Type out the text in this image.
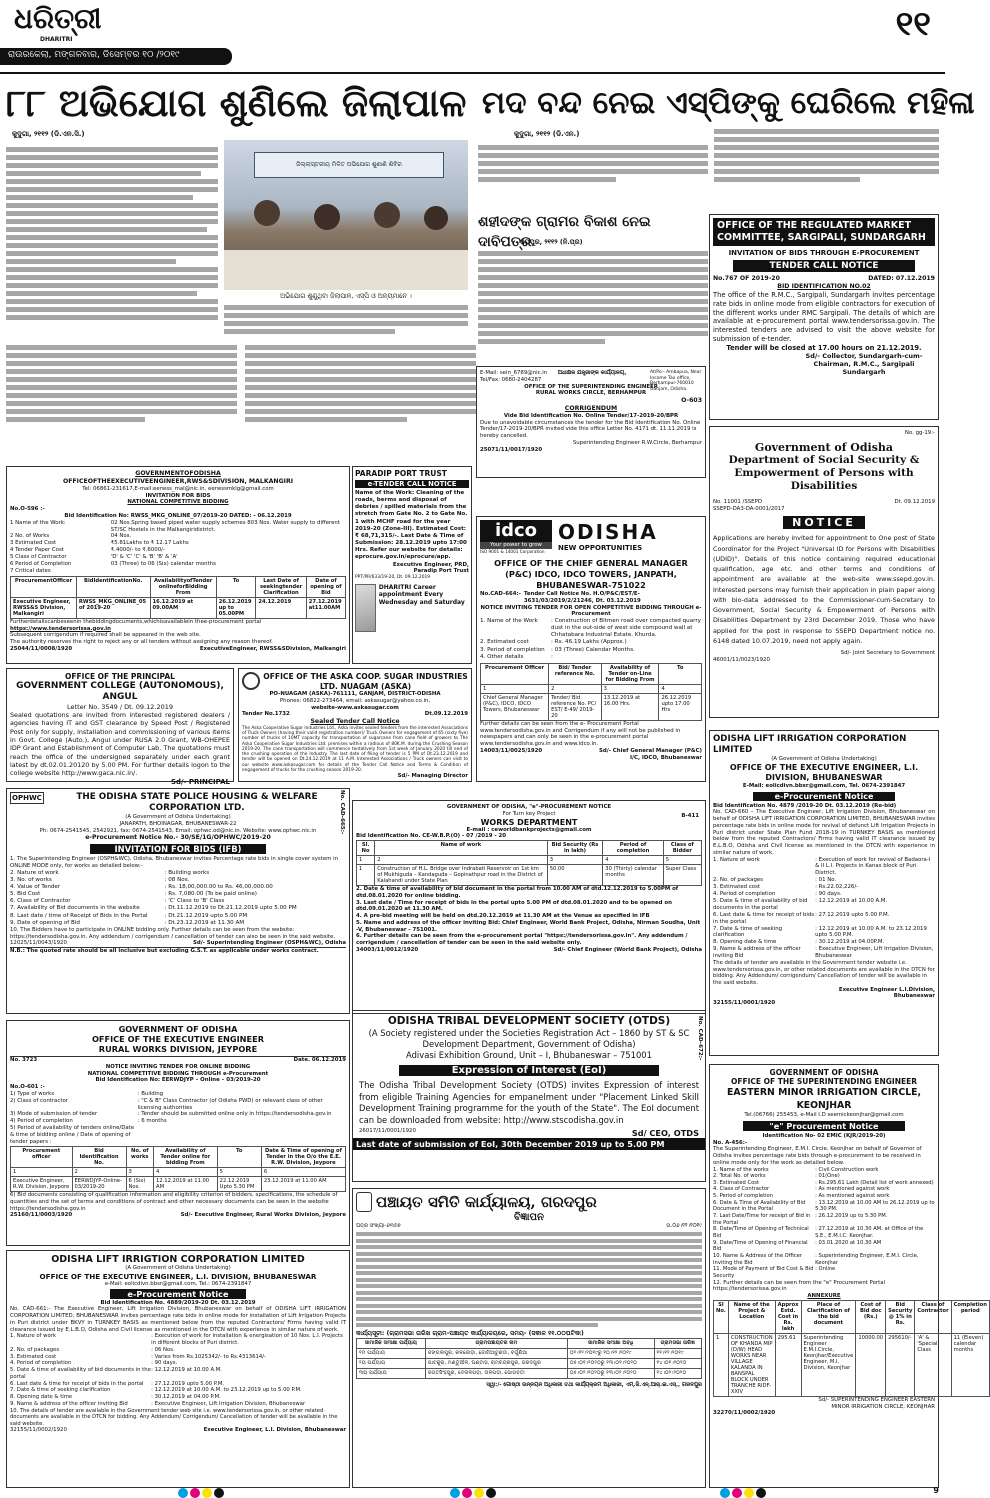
ଧରିତ୍ରୀ
DHARITRI
ରାଉରକେଲା, ମଙ୍ଗଳବାର, ଡିସେମ୍ବର ୧୦ /୨୦୧୯
୧୧
୮୮ ଅଭିଯୋଗ ଶୁଣିଲେ ଜିଲାପାଳ
କୁଦୁଗା, ୨୧୧୨ (ଡି.ଏନ.ସି.)
ଜିଲ୍ଲାସ୍ତରୀୟ ମିଳିତ ଅଭିଯୋଗ ଶୁଣାଣି ଶିବିର
ଅଭିଯୋଗ ଶୁଣୁଥିବା ଜିଲାପାଳ, ଏସ୍‌ପି ଓ ଅନ୍ୟମାନେ ।
ମଦ ବନ୍ଦ ନେଇ ଏସ୍‌ପିଙ୍କୁ ଘେରିଲେ ମହିଳା
କୁଦୁଗା, ୨୧୧୨ (ଡି.ଏନ.)
ଶହୀଦଙ୍କ ଗ୍ରାମର ବିକାଶ ନେଇ ଦାବିପତ୍ର
ଜୟପୁର, ୨୧୧୨ (ନି.ପ୍ର)
E-Mail: sein_6789@nic.in
Tel/Fax: 0680-2404287
ଅଧୀକ୍ଷକ ଯନ୍ତ୍ରୀଙ୍କ କାର୍ଯ୍ୟାଳୟ,
OFFICE OF THE SUPERINTENDING ENGINEER
RURAL WORKS CIRCLE, BERHAMPUR
At/Po:- Ambapua, Near Income Tax office, Berhampur-760010 Ganjam, Odisha.
O-603
CORRIGENDUM
Vide Bid Identification No. Online Tender/17-2019-20/BPR
Due to unavoidable circumstances the tender for the Bid Identification No. Online Tender/17-2019-20/BPR invited vide this office Letter No. 4171 dt. 11.11.2019 is hereby cancelled.
Superintending Engineer R.W.Circle, Berhampur
25071/11/0017/1920
OFFICE OF THE REGULATED MARKET COMMITTEE, SARGIPALI, SUNDARGARH
INVITATION OF BIDS THROUGH E-PROCUREMENT
TENDER CALL NOTICE
No.767 OF 2019-20	DATED: 07.12.2019
BID IDENTIFICATION NO.02
The office of the R.M.C., Sargipali, Sundargarh invites percentage rate bids in online mode from eligible contractors for execution of the different works under RMC Sargipali. The details of which are available at e-procurement portal www.tendersorissa.gov.in. The interested tenders are advised to visit the above website for submission of e-tender.
Tender will be closed at 17.00 hours on 21.12.2019.
Sd/- Collector, Sundargarh-cum-Chairman, R.M.C., Sargipali Sundargarh
No. gg-19:-
Government of Odisha
Department of Social Security & Empowerment of Persons with Disabilities
No. 11001 /SSEPD	Dt. 09.12.2019
SSEPD-DA3-DA-0001/2017
NOTICE
Applications are hereby invited for appointment to One post of State Coordinator for the Project "Universal ID for Persons with Disabilities (UDID)". Details of this notice containing required educational qualification, age etc. and other terms and conditions of appointment are available at the web-site www.ssepd.gov.in. Interested persons may furnish their application in plain paper along with bio-data addressed to the Commissioner-cum-Secretary to Government, Social Security & Empowerment of Persons with Disabilities Department by 23rd December 2019. Those who have applied for the post in response to SSEPD Department notice no. 6148 dated 10.07.2019, need not apply again.
Sd/- Joint Secretary to Government
46001/11/0023/1920
GOVERNMENTOFODISHA
OFFICEOFTHEEXECUTIVEENGINEER,RWS&SDIVISION, MALKANGIRI
Tel: 06861-231617,E-mail:eerwss_mal@nic.in, eerwssmklg@gmail.com
INVITATION FOR BIDS
NATIONAL COMPETITIVE BIDDING
No.O-596 :-
Bid Identification No: RWSS_MKG_ONLINE_07/2019-20 DATED: - 06.12.2019
1 Name of the Work:	02 Nos.Spring based piped water supply schemes 803 Nos. Water supply to different ST/SC Hostels in the Malkangiridistrict.
2 No. of Works	04 Nos.
3 Estimated Cost	₹5.81Lakhs to ₹ 12.17 Lakhs
4 Tender Paper Cost	₹.4000/- to ₹.6000/-
5 Class of Contractor	'D' & 'C' 'C' & 'B' 'B' & 'A'
6 Period of Completion	03 (Three) to 06 (Six) calendar months
7 Critical dates
ProcurementOfficer	BidIdentificationNo.	AvailabilityofTender onlineforBidding From	To	Last Date of seekingtender Clarification	Date of opening of Bid
Executive Engineer, RWSS&S Division, Malkangiri	RWSS_MKG_ONLINE_05 of 2019-20	16.12.2019 at 09.00AM	26.12.2019 up to 05.00PM	24.12.2019	27.12.2019 at11.00AM
Furtherdetailscanbeseenin thebiddingdocuments,whichisavailablein thee-procurement portal
https://www.tendersorissa.gov.in
Subsequent corrigendum if required shall be appeared in the web site.
The authority reserves the right to reject any or all tenders without assigning any reason thereof.
25044/11/0008/1920	ExecutiveEngineer, RWSS&SDivision, Malkangiri
PARADIP PORT TRUST
e-TENDER CALL NOTICE
Name of the Work: Cleaning of the roads, berms and disposal of debries / spilled materials from the stretch from Gate No. 2 to Gate No. 1 with MCHF road for the year 2019-20 (Zone-III). Estimated Cost: ₹ 68,71,315/-. Last Date & Time of Submission: 28.12.2019 upto 17:00 Hrs. Refer our website for details: eprocure.gov.in/eprocure/app.
Executive Engineer, PRD,
Paradip Port Trust
PPT/PR/633/19-20, Dt. 09.12.2019
DHARITRI Career appointment Every Wednesday and Saturday
idco
Your power to grow
ISO 9001 & 14001 Corporation
ODISHA
NEW OPPORTUNITIES
OFFICE OF THE CHIEF GENERAL MANAGER (P&C) IDCO, IDCO TOWERS, JANPATH, BHUBANESWAR-751022
No.CAD-664:- Tender Call Notice No. H.O/P&C/EST/E-3631/03/2019/2/21246, Dt. 03.12.2019
NOTICE INVITING TENDER FOR OPEN COMPETITIVE BIDDING THROUGH e-Procurement
1. Name of the Work	: Construction of Bitmen road over compacted quarry dust in the out-side of west side compound wall at Chhatabara Industrial Estate, Khurda.
2. Estimated cost	: Rs. 46.19 Lakhs (Approx.)
3. Period of completion	: 03 (Three) Calendar Months.
4. Other details	:
Procurement Officer	Bid/ Tender reference No.	Availability of Tender on-Line for Bidding From	To
1	2	3	4
Chief General Manager (P&C), IDCO, IDCO Towers, Bhubaneswar	Tender/ Bid reference No. PC/ EST/ E-49/ 2019-20	13.12.2019 at 16.00 Hrs.	26.12.2019 upto 17.00 Hrs
Further details can be seen from the e- Procurement Portal www.tendersodisha.gov.in and Corrigendum if any will not be published in newspapers and can only be seen in the e-procurement portal www.tendersodisha.gov.in and www.idco.in.
14003/11/0025/1920	Sd/- Chief General Manager (P&C) I/C, IDCO, Bhubaneswar
OFFICE OF THE PRINCIPAL
GOVERNMENT COLLEGE (AUTONOMOUS), ANGUL
Letter No. 3549 / Dt. 09.12.2019
Sealed quotations are invited from interested registered dealers / agencies having IT and GST clearance by Speed Post / Registered Post only for supply, installation and commissioning of various items in Govt. College (Auto.), Angul under RUSA 2.0 Grant, WB-OHEPEE IDP Grant and Establishment of Computer Lab. The quotations must reach the office of the undersigned separately under each grant latest by dt.02.01.20120 by 5.00 PM. For further details logon to the college website http://www.gaca.nic.in/.
Sd/- PRINCIPAL
OFFICE OF THE ASKA COOP. SUGAR INDUSTRIES LTD. NUAGAM (ASKA)
PO-NUAGAM (ASKA)-761111, GANJAM, DISTRICT-ODISHA
Phones: 06822-273464, email: askasugar@yahoo.co.in,
website-www.askasugar.com
Tender No.1732	Dt.09.12.2019
Sealed Tender Call Notice
The Aska Cooperative Sugar Industries Ltd., Aska invites sealed tenders from the interested Associations of Truck Owners (having their valid registration number)/ Truck Owners for engagement of 65 (sixty five) number of trucks of 10MT capacity for transportation of sugarcane from cane field of growers to The Aska Cooperative Sugar Industries Ltd. premises within a radious of 80K.M. during the Crushing Season 2019-20. The cane transportation will commence tentatively from 1st week of January 2020 till end of the crushing operation of the Industry. The last date of filing of tender is 5 PM of Dt.23.12.2019 and tender will be opened on Dt.24.12.2019 at 11 A.M. Interested Associations / Truck owners can visit to our website www.askasugar.com for details of the Tender Call Notice and Terms & Condition of engagement of trucks for the crushing season 2019-20.
Sd/- Managing Director
ODISHA LIFT IRRIGATION CORPORATION LIMITED
(A Government of Odisha Undertaking)
OFFICE OF THE EXECUTIVE ENGINEER, L.I. DIVISION, BHUBANESWAR
E-Mail: eolicdivn.bbsr@gmail.com, Tel. 0674-2391847
e-Procurement Notice
Bid Identification No. 4879 /2019-20 Dt. 03.12.2019 (Re-bid)
No. CAD-660 – The Executive Engineer, Lift Irrigation Division, Bhubaneswar on behalf of ODISHA LIFT IRRIGATION CORPORATION LIMITED, BHUBANESWAR invites percentage rate bids in online mode for revival of defunct Lift Irrigation Projects in Puri district under State Plan Fund 2018-19 in TURNKEY BASIS as mentioned below from the reputed Contractors/ Firms having valid IT clearance issued by E.L.B.O, Odisha and Civil license as mentioned in the DTCN with experience in similar nature of work.
1. Nature of work	: Execution of work for revival of Badaora-I & II L.I. Projects in Kanas block of Puri District.
2. No. of packages	: 01 No.
3. Estimated cost	: Rs.22.02,226/-
4. Period of completion	: 90 days.
5. Date & time of availability of bid documents in the portal
: 12.12.2019 at 10.00 A.M.
6. Last date & time for receipt of bids in the portal
: 27.12.2019 upto 5.00 P.M.
7. Date & time of seeking clarification
: 12.12.2019 at 10.00 A.M. to 23.12.2019 upto 5.00 P.M.
8. Opening date & time	: 30.12.2019 at 04.00P.M.
9. Name & address of the officer inviting Bid
: Executive Engineer, Lift Irrigation Division, Bhubaneswar
The details of tender are available in the Government tender website i.e. www.tendersorissa.gov.in, or other related documents are available in the DTCN for bidding. Any Addendum/ corrigendum/ Cancellation of tender will be available in the said website.
Executive Engineer L.I.Division, Bhubaneswar
32155/11/0001/1920
OPHWC	THE ODISHA STATE POLICE HOUSING & WELFARE CORPORATION LTD.
(A Government of Odisha Undertaking)
JANAPATH, BHOINAGAR, BHUBANESWAR-22
Ph: 0674-2541545, 2542921, fax: 0674-2541543, Email: ophwc.od@nic.in. Website: www.ophwc.nic.in
e-Procurement Notice No.- 30/SE/1G/OPHWC/2019-20
INVITATION FOR BIDS (IFB)
1. The Superintending Engineer (OSPH&WC), Odisha, Bhubaneswar invites Percentage rate bids in single cover system in ONLINE MODE only, for works as detailed below:-
2. Nature of work	: Building works
3. No. of works	: 08 Nos.
4. Value of Tender	: Rs. 18,00,000.00 to Rs. 46,00,000.00
5. Bid Cost	: Rs. 7,080.00 (To be paid online)
6. Class of Contractor	: 'C' Class to 'B' Class
7. Availability of Bid documents in the website	: Dt.11.12.2019 to Dt.21.12.2019 upto 5.00 PM
8. Last date / time of Receipt of Bids in the Portal	: Dt.21.12.2019 upto 5.00 PM
9. Date of opening of Bid	: Dt.23.12.2019 at 11.30 AM
10. The Bidders have to participate in ONLINE bidding only. Further details can be seen from the website: https://tendersodisha.gov.in. Any addendum / corrigendum / cancellation of tender can also be seen in the said website.
12025/11/0043/1920	Sd/- Superintending Engineer (OSPH&WC), Odisha
N.B.: The quoted rate should be all inclusive but excluding G.S.T. as applicable under works contract.
No. CAD-665:-	GOVERNMENT OF ODISHA, "e"-PROCUREMENT NOTICE
For Turn key Project	B-411
WORKS DEPARTMENT
E-mail : ceworldbankprojects@gmail.com
Bid Identification No. CE-W.B.P.(O) - 07 /2019 - 20
Sl. No	Name of work	Bid Security (Rs in lakh)	Period of completion	Class of Bidder
1	2	3	4	5
1	Construction of H.L. Bridge over Indrabati Reservoir on 1st km of Mukhiguda – Kandaguda – Gopinathpur road in the District of Kalahandi under State Plan	50.00	30 (Thirty) calendar months	Super Class
2. Date & time of availability of bid document in the portal from 10.00 AM of dtd.12.12.2019 to 5.00PM of dtd.08.01.2020 for online bidding.
3. Last date / Time for receipt of bids in the portal upto 5.00 PM of dtd.08.01.2020 and to be opened on dtd.09.01.2020 at 11.30 AM.
4. A pre-bid meeting will be held on dtd.20.12.2019 at 11.30 AM at the Venue as specified in IFB
5. Name and address of the officer inviting Bid: Chief Engineer, World Bank Project, Odisha, Nirman Soudha, Unit -V, Bhubaneswar - 751001.
6. Further details can be seen from the e-procurement portal "https://tendersorissa.gov.in". Any addendum / corrigendum / cancellation of tender can be seen in the said website only.
34003/11/0012/1920	Sd/- Chief Engineer (World Bank Project), Odisha
GOVERNMENT OF ODISHA
OFFICE OF THE EXECUTIVE ENGINEER
RURAL WORKS DIVISION, JEYPORE
No. 3723	Date. 06.12.2019
NOTICE INVITING TENDER FOR ONLINE BIDDING
NATIONAL COMPETITIVE BIDDING THROUGH e-Procurement
Bid Identification No: EERWDJYP – Online – 03/2019-20
No.O-601 :-
1) Type of works	: Building
2) Class of contractor	: "C & B" Class Contractor (of Odisha PWD) or relevant class of other licensing authorities
3) Mode of submission of tender	: Tender should be submitted online only in https://tendersodisha.gov.in
4) Period of completion	: 6 months
5) Period of availability of tenders online/Date & time of bidding online / Date of opening of tender papers :
Procurement officer	Bid Identification No.	No. of works	Availability of Tender online for bidding From	To	Date & Time of opening of Tender in the O/o the E.E. R.W. Division, Jeypore
1	2	3	4	5	6
Executive Engineer, R.W. Division, Jeypore	EERWDJYP-Online-03/2019-20	6 (Six) Nos.	12.12.2019 at 11.00 AM	22.12.2019 Upto 5.30 PM	23.12.2019 at 11.00 AM
6) Bid documents consisting of qualification information and eligibility criterion of bidders, specifications, the schedule of quantities and the set of terms and conditions of contract and other necessary documents can be seen in the website https://tendersodisha.gov.in
25160/11/0003/1920	Sd/- Executive Engineer, Rural Works Division, Jeypore
ODISHA TRIBAL DEVELOPMENT SOCIETY (OTDS)
(A Society registered under the Societies Registration Act – 1860 by ST & SC Development Department, Government of Odisha)
Adivasi Exhibition Ground, Unit – I, Bhubaneswar – 751001
Expression of Interest (EoI)
The Odisha Tribal Development Society (OTDS) invites Expression of interest from eligible Training Agencies for empanelment under "Placement Linked Skill Development Training programme for the youth of the State". The EoI document can be downloaded from website: http://www.stscodisha.gov.in
26017/11/0001/1920	Sd/ CEO, OTDS
Last date of submission of EoI, 30th December 2019 up to 5.00 PM
No. CAD-672:-
GOVERNMENT OF ODISHA
OFFICE OF THE SUPERINTENDING ENGINEER
EASTERN MINOR IRRIGATION CIRCLE, KEONJHAR
Tel.(06766) 255453, e-Mail I.D seemickeonjhar@gmail.com
"e" Procurement Notice
Identification No- 02 EMIC (KJR/2019-20)
No. A-456:-
The Superintending Engineer, E.M.I. Circle, Keonjhar on behalf of Governor of Odisha invites percentage rate bids through e-procurement to be received in online mode only for the work as detailed below.
1. Name of the works	: Civil Construction work
2. Total No. of works	: 01(One)
3. Estimated Cost	: Rs.295.61 Lakh (Detail list of work annexed)
4. Class of Contractor	: As mentioned against work
5. Period of completion	: As mentioned against work
6. Date & Time of Availability of Bid Document in the Portal
: 13.12.2019 at 10.00 AM to 26.12.2019 up to 5.30 PM.
7. Last Date/Time for receipt of Bid in the Portal
: 26.12.2019 up to 5.30 PM.
8. Date/Time of Opening of Technical Bid
: 27.12.2019 at 10.30 AM. at Office of the S.E., E.M.I.C. Keonjhar.
9. Date/Time of Opening of Financial Bid
: 03.01.2020 at 10.30 AM
10. Name & Address of the Officer Inviting the Bid
: Superintending Engineer, E.M.I. Circle, Keonjhar
11. Mode of Payment of Bid Cost & Bid Security
: Online
12. Further details can be seen from the "e" Procurement Portal https://tendersorissa.gov.in
ANNEXURE
Sl No.	Name of the Project & Location	Approx Estd. Cost in Rs. lakh	Place of Clarification of the bid document	Cost of Bid doc (Rs.)	Bid Security @ 1% in Rs.	Class of Contractor	Completion period
1	CONSTRUCTION OF KHANDA MIP (D/W) HEAD WORKS NEAR VILLAGE KALANDA IN BANSPAL BLOCK UNDER TRANCHE RIDF- XXIV	295.61	Superintending Engineer E.M.I.Circle, Keonjhar/Executive Engineer, M.I. Division, Keonjhar	10000.00	295610/-	'A' & 'Special' Class	11 (Eleven) calendar months
Sd/- SUPERINTENDING ENGINEER EASTERN MINOR IRRIGATION CIRCLE, KEONJHAR
32270/11/0002/1920
ODISHA LIFT IRRIGTION CORPORATION LIMITED
(A Government of Odisha Undertaking)
OFFICE OF THE EXECUTIVE ENGINEER, L.I. DIVISION, BHUBANESWAR
e-Mail: eolicdivn.bbsr@gmail.com, Tel.: 0674-2391847
e-Procurement Notice
Bid Identification No. 4889/2019-20 Dt. 03.12.2019
No. CAD-661:- The Executive Engineer, Lift Irrigation Division, Bhubaneswar on behalf of ODISHA LIFT IRRIGATION CORPORATION LIMITED, BHUBANESWAR invites percentage rate bids in online mode for installation of Lift Irrigation Projects in Puri district under BKVY in TURNKEY BASIS as mentioned below from the reputed Contractors/ Firms having valid IT clearance issued by E.L.B.O, Odisha and Civil license as mentioned in the DTCN with experience in similar nature of work.
1. Nature of work	: Execution of work for installation & energisation of 10 Nos. L.I. Projects in different blocks of Puri district.
2. No. of packages	: 06 Nos.
3. Estimated cost	: Varies from Rs.1025342/- to Rs.4313614/-
4. Period of completion	: 90 days.
5. Date & time of availability of bid documents in the portal
: 12.12.2019 at 10.00 A.M.
6. Last date & time for receipt of bids in the portal	: 27.12.2019 upto 5.00 P.M.
7. Date & time of seeking clarification	: 12.12.2019 at 10.00 A.M. to 23.12.2019 up to 5.00 P.M.
8. Opening date & time	: 30.12.2019 at 04.00 P.M.
9. Name & address of the officer inviting Bid	: Executive Engineer, Lift Irrigation Division, Bhubaneswar
10. The details of tender are available in the Government tender web site i.e. www.tendersorissa.gov.in, or other related documents are available in the DTCN for bidding. Any Addendum/ Corrigendum/ Cancellation of tender will be available in the said website.
32155/11/0002/1920	Executive Engineer, L.I. Division, Bhubaneswar
ପଞ୍ଚାୟତ ସମିତି କାର୍ଯ୍ୟାଳୟ, ଗରଦପୁର
ବିଜ୍ଞାପନ
ପତ୍ର ସଂଖ୍ୟା-୬୩୫୭	ତା.୦୬।୧୨।୨୦୧୯
କାର୍ଯ୍ୟସୂଚୀ: (ଗ୍ରାମସଭା ତାରିଖ ଗ୍ରାମ-ପଞ୍ଚାୟତ କାର୍ଯ୍ୟାଳୟରେ, ସମୟ- (ସକାଳ ୧୧.୦୦ଘଟିକା)
ସାମାଜିକ ସମୀକ୍ଷା ପର୍ଯ୍ୟାୟ	ଗ୍ରାମପଞ୍ଚାୟତର ନାମ	ସାମାଜିକ ସମୀକ୍ଷା ଅବଧି	ଗ୍ରାମସଭା ତାରିଖ
୧ମ ପର୍ଯ୍ୟାୟ	ଜଙ୍ଗଲପୁର, କଳଜୋଡ଼ା, ଜୋଗିଆଟୁଣ୍ଡା, ବର୍ଗୁଣିଆ	୦୨।୧୨।୨୦୧୯ରୁ ୧୦।୧୨।୨୦୧୯	୧୧।୧୨।୨୦୧୯
୨ୟ ପର୍ଯ୍ୟାୟ	ପାଟକୁରା, ମଣ୍ଡୁଆଁଳ, ଘଣ୍ଟାସ, ରାମଚନ୍ଦ୍ରପୁର, ଗରଦପୁର	୦୫।୦୧।୨୦୨୦ରୁ ୧୩।୦୧।୨୦୨୦	୧୪।୦୧।୨୦୨୦
୩ୟ ପର୍ଯ୍ୟାୟ	ଜଗତସିଂହପୁର, ଦେଉଳପଡ଼ା, ତାଳପଡ଼ା, ଭୋଗବତୀ	୦୫।୦୨।୨୦୨୦ରୁ ୧୩।୦୨।୨୦୨୦	୧୪।୦୨।୨୦୨୦
ସ୍ୱା:/- ଗୋଷ୍ଠୀ ଉନ୍ନୟନ ଅଧିକାରୀ ତଥା କାର୍ଯ୍ୟକ୍ରମ ଅଧିକାରୀ, ଏମ୍.ଜି.ଏନ୍.ଆର୍.ଇ.ଏସ୍., ଗରଦପୁର
9
